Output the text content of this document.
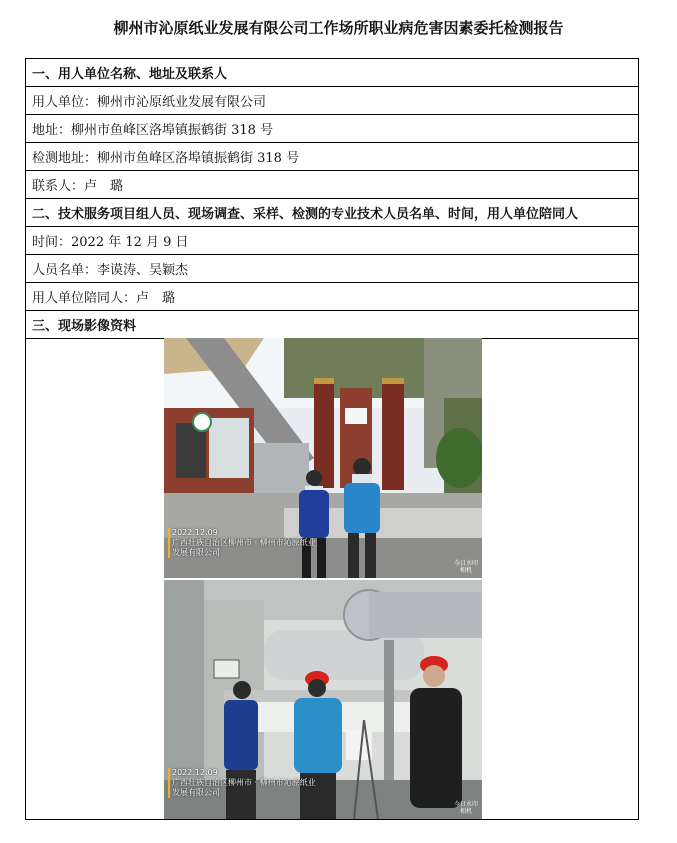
柳州市沁原纸业发展有限公司工作场所职业病危害因素委托检测报告
一、用人单位名称、地址及联系人
用人单位：柳州市沁原纸业发展有限公司
地址：柳州市鱼峰区洛埠镇振鹤街 318 号
检测地址：柳州市鱼峰区洛埠镇振鹤街 318 号
联系人：卢　璐
二、技术服务项目组人员、现场调查、采样、检测的专业技术人员名单、时间，用人单位陪同人
时间：2022 年 12 月 9 日
人员名单：李谟涛、吴颖杰
用人单位陪同人：卢　璐
三、现场影像资料
2022.12.09
广西壮族自治区柳州市 · 柳州市沁原纸业
发展有限公司
今日水印
相机
2022.12.09
广西壮族自治区柳州市 · 柳州市沁原纸业
发展有限公司
今日水印
相机
